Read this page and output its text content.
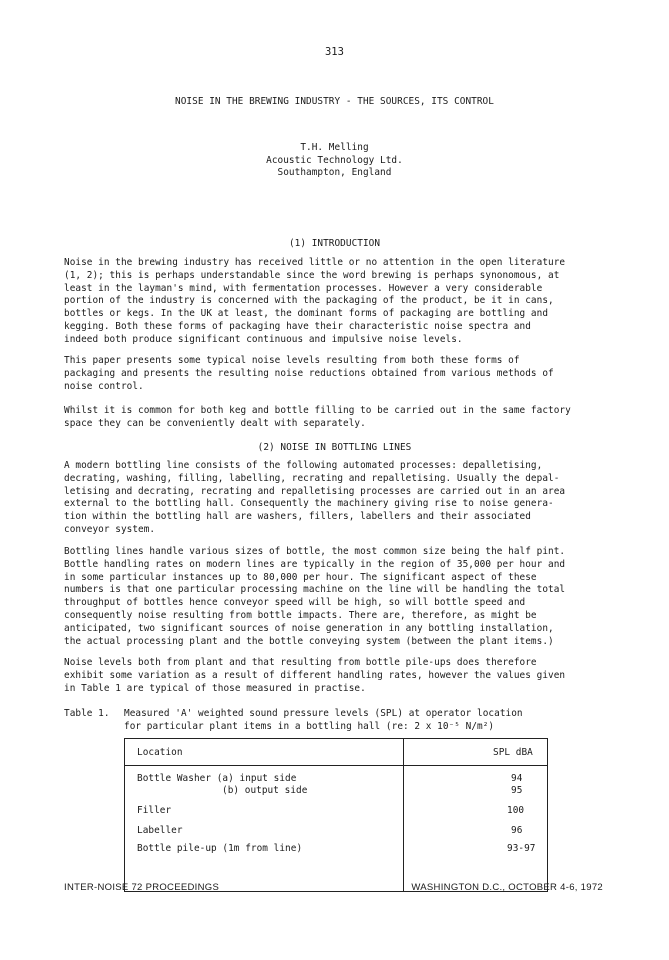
313
NOISE IN THE BREWING INDUSTRY - THE SOURCES, ITS CONTROL
T.H. Melling
Acoustic Technology Ltd.
Southampton, England
(1) INTRODUCTION
Noise in the brewing industry has received little or no attention in the open literature
(1, 2); this is perhaps understandable since the word brewing is perhaps synonomous, at
least in the layman's mind, with fermentation processes. However a very considerable
portion of the industry is concerned with the packaging of the product, be it in cans,
bottles or kegs. In the UK at least, the dominant forms of packaging are bottling and
kegging. Both these forms of packaging have their characteristic noise spectra and
indeed both produce significant continuous and impulsive noise levels.
This paper presents some typical noise levels resulting from both these forms of
packaging and presents the resulting noise reductions obtained from various methods of
noise control.
Whilst it is common for both keg and bottle filling to be carried out in the same factory
space they can be conveniently dealt with separately.
(2) NOISE IN BOTTLING LINES
A modern bottling line consists of the following automated processes: depalletising,
decrating, washing, filling, labelling, recrating and repalletising. Usually the depal-
letising and decrating, recrating and repalletising processes are carried out in an area
external to the bottling hall. Consequently the machinery giving rise to noise genera-
tion within the bottling hall are washers, fillers, labellers and their associated
conveyor system.
Bottling lines handle various sizes of bottle, the most common size being the half pint.
Bottle handling rates on modern lines are typically in the region of 35,000 per hour and
in some particular instances up to 80,000 per hour. The significant aspect of these
numbers is that one particular processing machine on the line will be handling the total
throughput of bottles hence conveyor speed will be high, so will bottle speed and
consequently noise resulting from bottle impacts. There are, therefore, as might be
anticipated, two significant sources of noise generation in any bottling installation,
the actual processing plant and the bottle conveying system (between the plant items.)
Noise levels both from plant and that resulting from bottle pile-ups does therefore
exhibit some variation as a result of different handling rates, however the values given
in Table 1 are typical of those measured in practise.
Table 1. Measured 'A' weighted sound pressure levels (SPL) at operator location
for particular plant items in a bottling hall (re: 2 x 10⁻⁵ N/m²)
Location	SPL dBA
Bottle Washer (a) input side	94
(b) output side	95
Filler	100
Labeller	96
Bottle pile-up (1m from line)	93-97
INTER-NOISE 72 PROCEEDINGS	WASHINGTON D.C., OCTOBER 4-6, 1972
